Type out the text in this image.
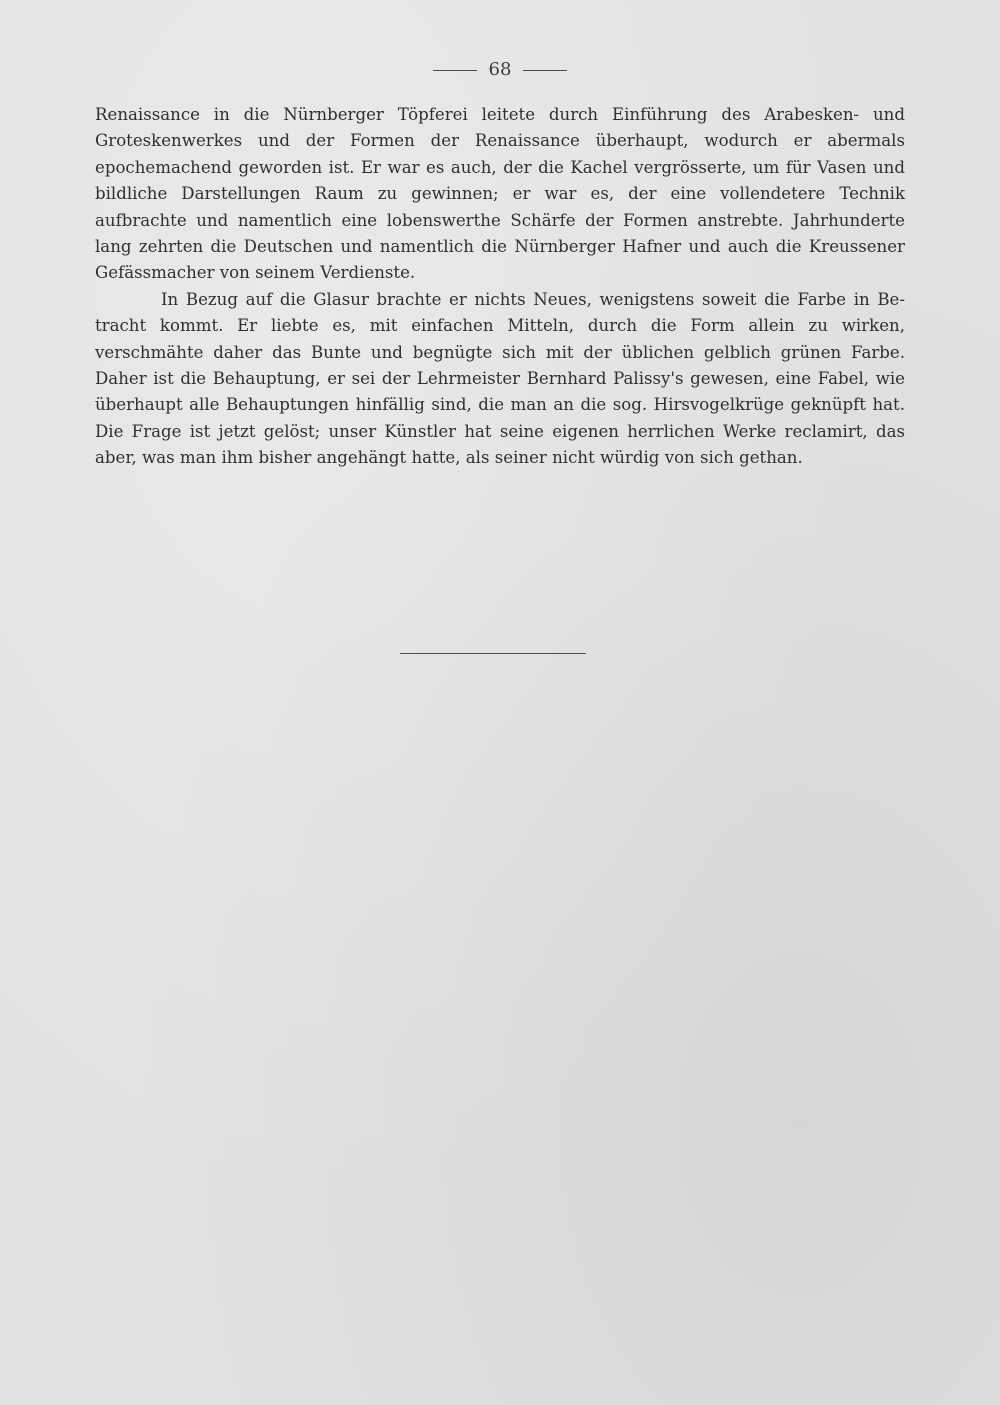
68

Renaissance in die Nürnberger Töpferei leitete durch Einführung des Arabesken- und Groteskenwerkes und der Formen der Renaissance überhaupt, wodurch er abermals epochemachend geworden ist. Er war es auch, der die Kachel vergrösserte, um für Vasen und bildliche Darstellungen Raum zu gewinnen; er war es, der eine vollendetere Technik aufbrachte und namentlich eine lobenswerthe Schärfe der Formen anstrebte. Jahrhunderte lang zehrten die Deutschen und namentlich die Nürnberger Hafner und auch die Kreussener Gefässmacher von seinem Verdienste.

In Bezug auf die Glasur brachte er nichts Neues, wenigstens soweit die Farbe in Betracht kommt. Er liebte es, mit einfachen Mitteln, durch die Form allein zu wirken, verschmähte daher das Bunte und begnügte sich mit der üblichen gelblich grünen Farbe. Daher ist die Behauptung, er sei der Lehrmeister Bernhard Palissy's gewesen, eine Fabel, wie überhaupt alle Behauptungen hinfällig sind, die man an die sog. Hirsvogelkrüge geknüpft hat. Die Frage ist jetzt gelöst; unser Künstler hat seine eigenen herrlichen Werke reclamirt, das aber, was man ihm bisher angehängt hatte, als seiner nicht würdig von sich gethan.
